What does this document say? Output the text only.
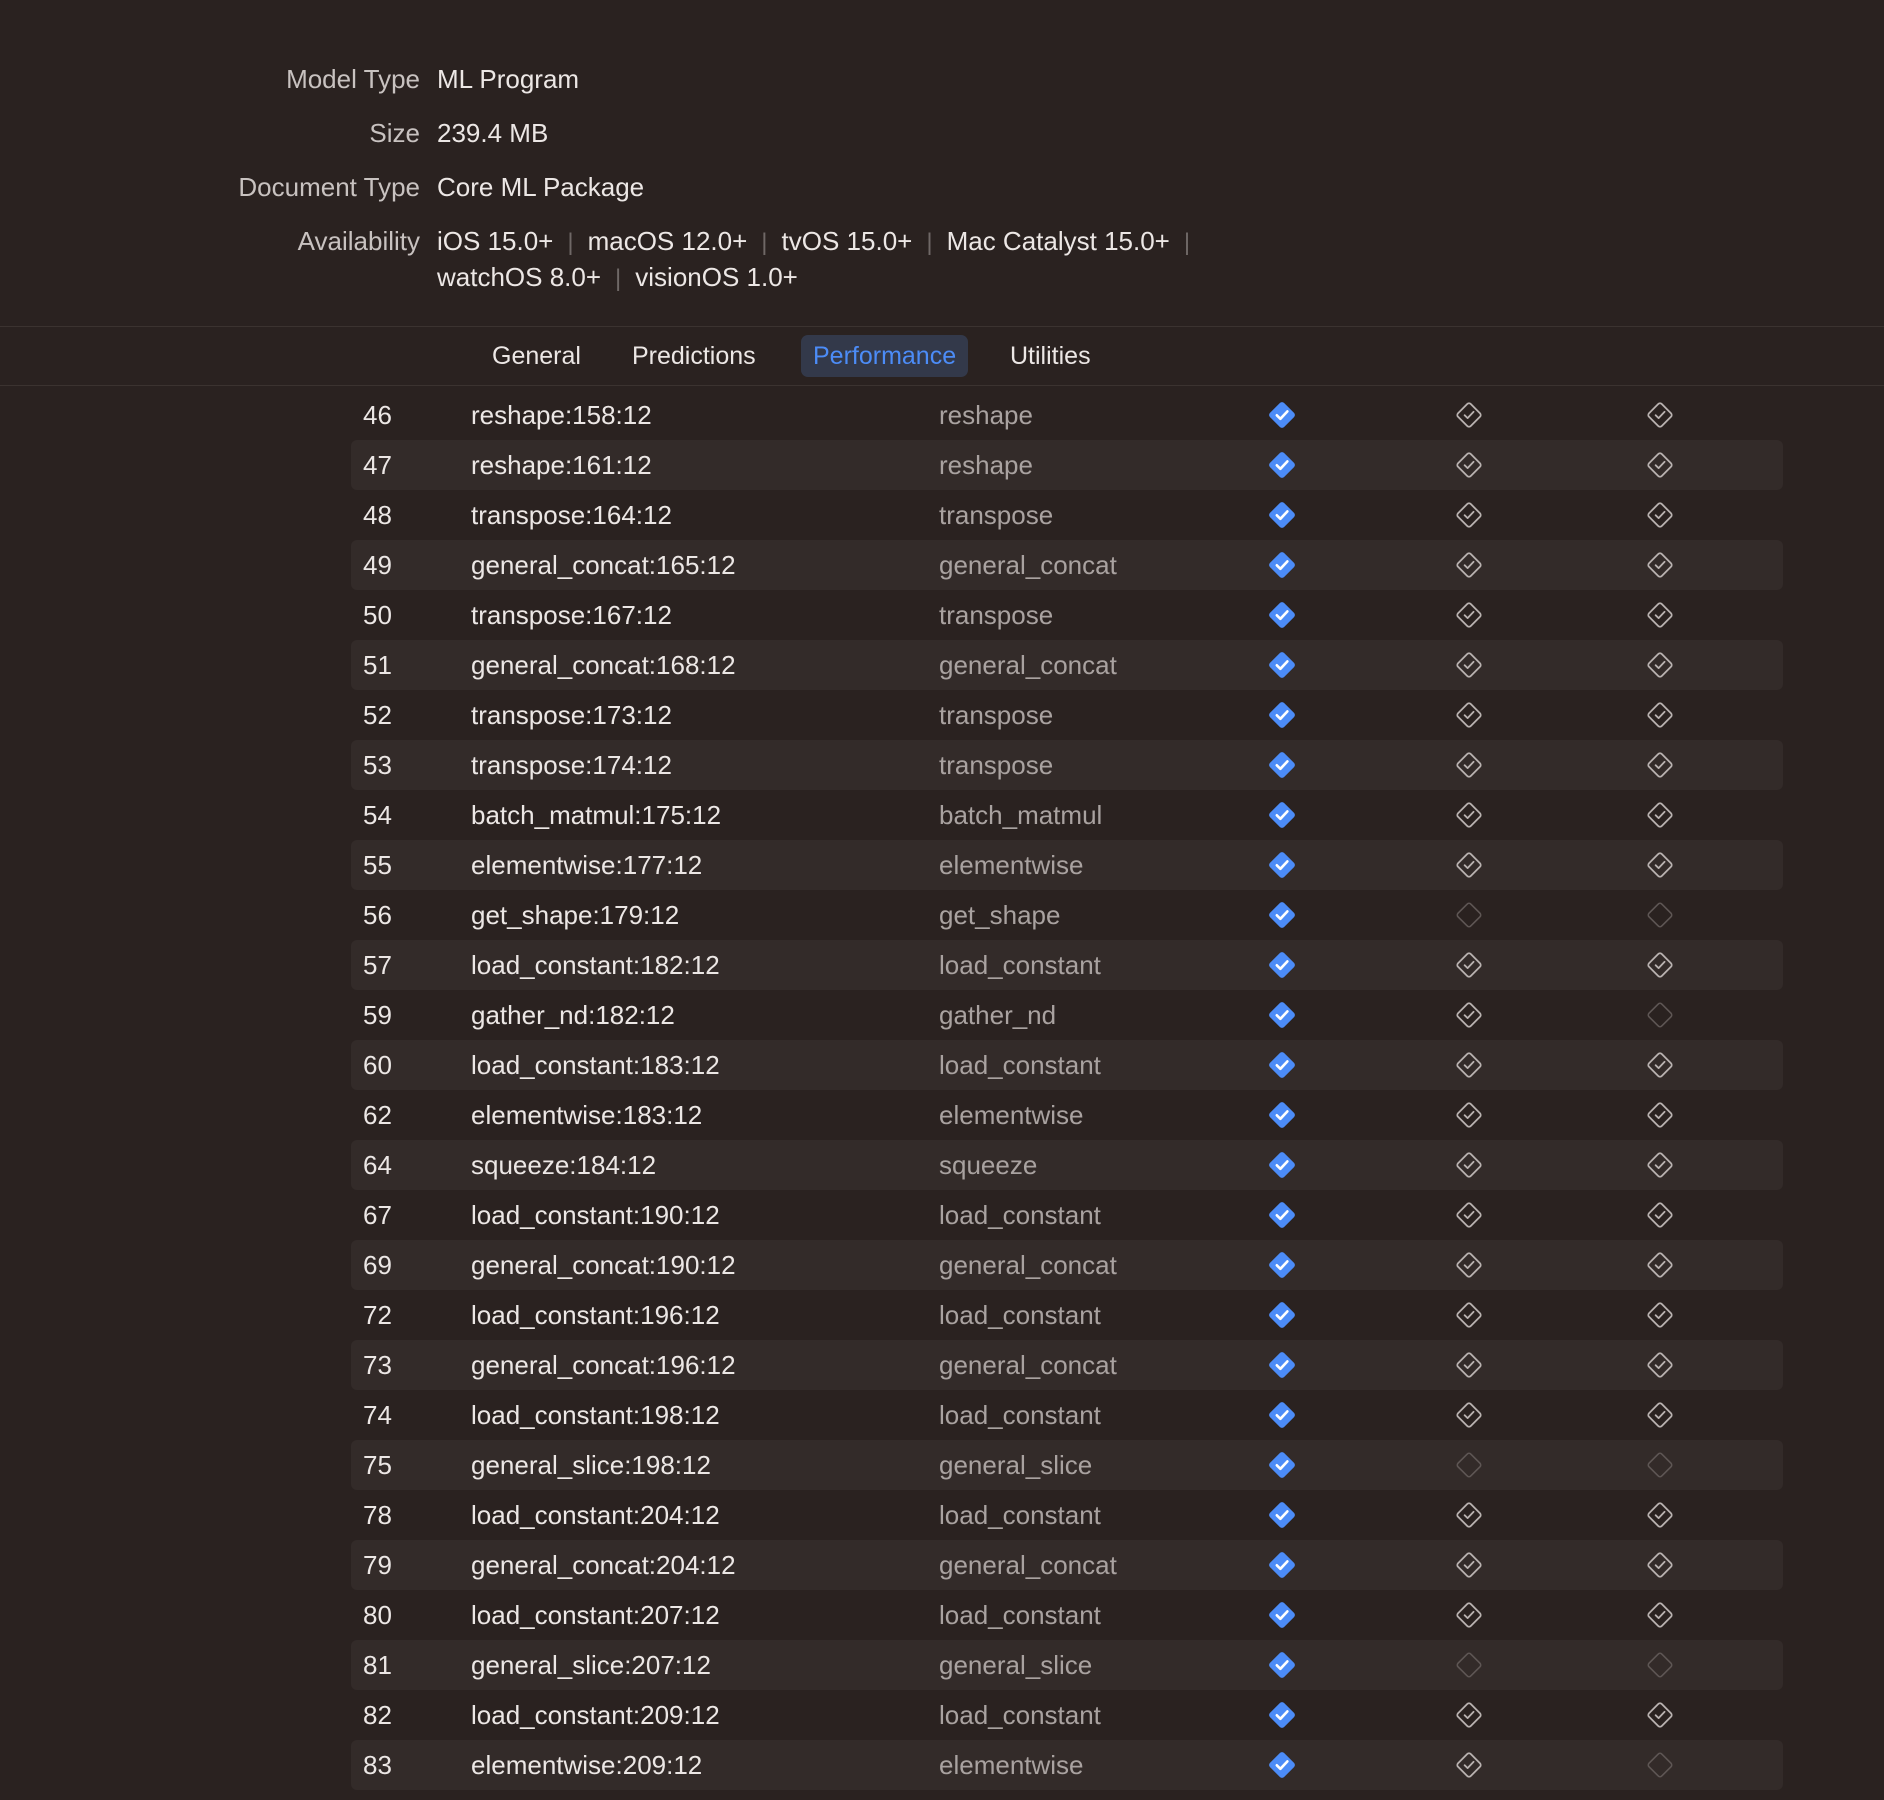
Model Type ML Program
Size 239.4 MB
Document Type Core ML Package
Availability iOS 15.0+ | macOS 12.0+ | tvOS 15.0+ | Mac Catalyst 15.0+ |
watchOS 8.0+ | visionOS 1.0+
General	Predictions	Performance	Utilities
46	reshape:158:12	reshape
47	reshape:161:12	reshape
48	transpose:164:12	transpose
49	general_concat:165:12	general_concat
50	transpose:167:12	transpose
51	general_concat:168:12	general_concat
52	transpose:173:12	transpose
53	transpose:174:12	transpose
54	batch_matmul:175:12	batch_matmul
55	elementwise:177:12	elementwise
56	get_shape:179:12	get_shape
57	load_constant:182:12	load_constant
59	gather_nd:182:12	gather_nd
60	load_constant:183:12	load_constant
62	elementwise:183:12	elementwise
64	squeeze:184:12	squeeze
67	load_constant:190:12	load_constant
69	general_concat:190:12	general_concat
72	load_constant:196:12	load_constant
73	general_concat:196:12	general_concat
74	load_constant:198:12	load_constant
75	general_slice:198:12	general_slice
78	load_constant:204:12	load_constant
79	general_concat:204:12	general_concat
80	load_constant:207:12	load_constant
81	general_slice:207:12	general_slice
82	load_constant:209:12	load_constant
83	elementwise:209:12	elementwise
